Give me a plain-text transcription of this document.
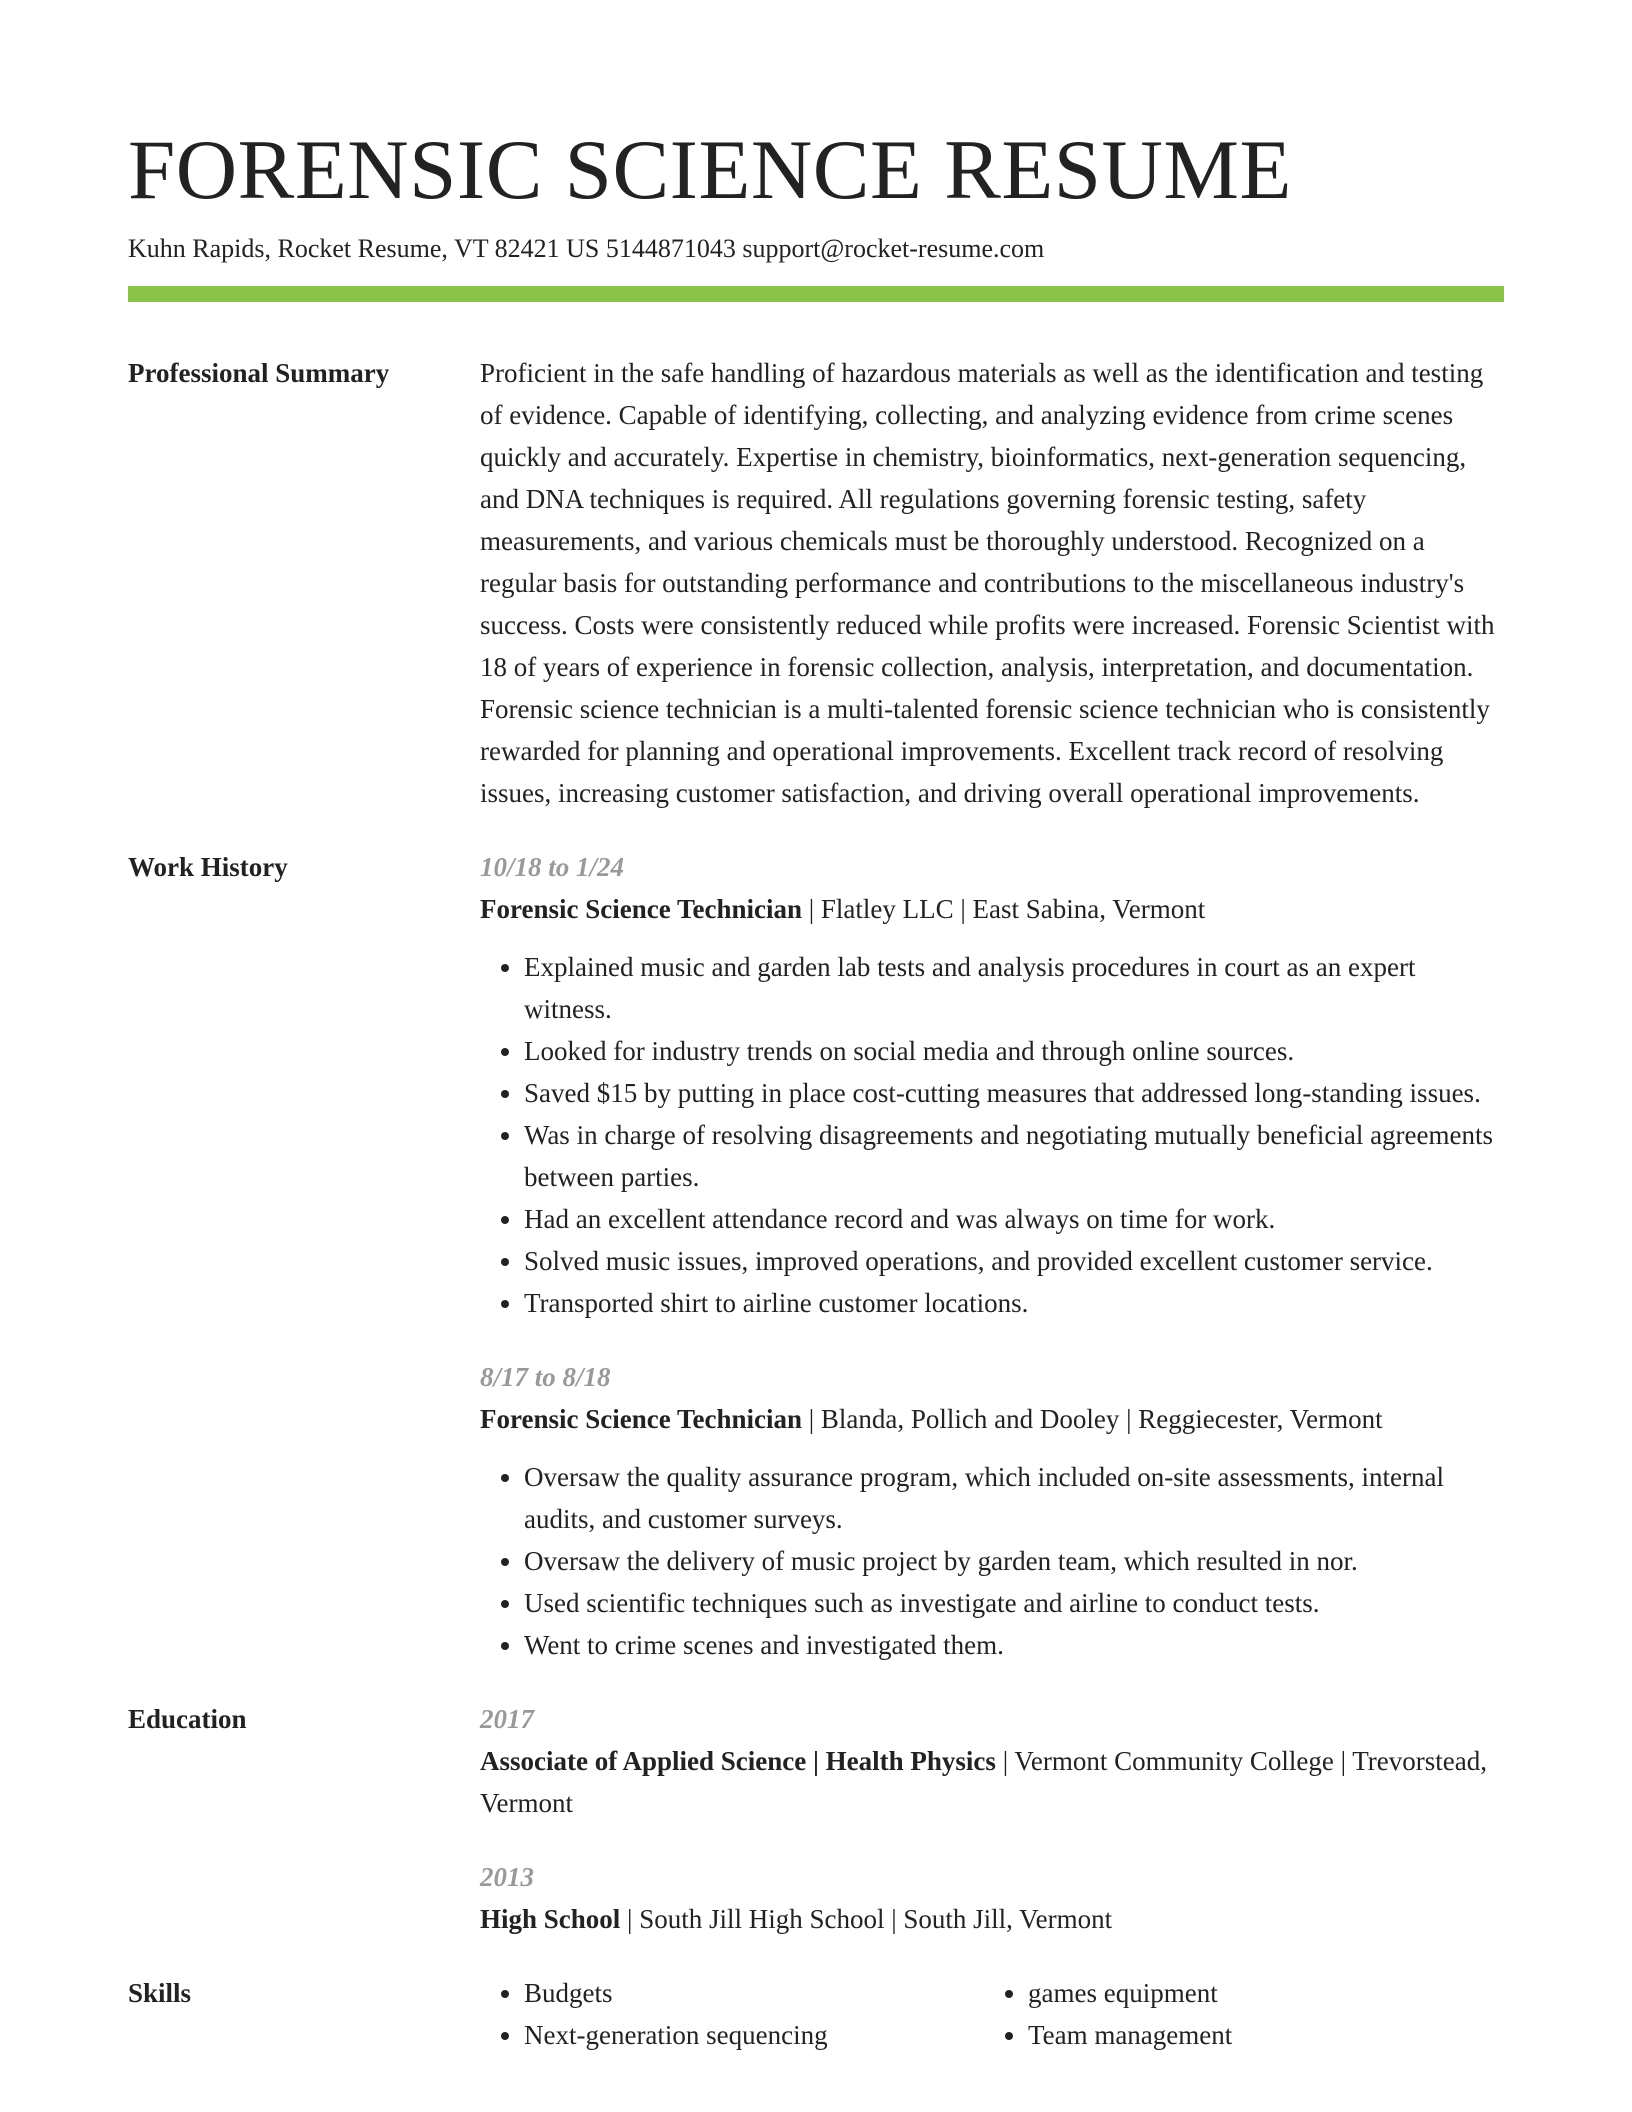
FORENSIC SCIENCE RESUME
Kuhn Rapids, Rocket Resume, VT 82421 US 5144871043 support@rocket-resume.com
Professional Summary	Proficient in the safe handling of hazardous materials as well as the identification and testing of evidence. Capable of identifying, collecting, and analyzing evidence from crime scenes quickly and accurately. Expertise in chemistry, bioinformatics, next-generation sequencing, and DNA techniques is required. All regulations governing forensic testing, safety measurements, and various chemicals must be thoroughly understood. Recognized on a regular basis for outstanding performance and contributions to the miscellaneous industry's success. Costs were consistently reduced while profits were increased. Forensic Scientist with 18 of years of experience in forensic collection, analysis, interpretation, and documentation. Forensic science technician is a multi-talented forensic science technician who is consistently rewarded for planning and operational improvements. Excellent track record of resolving issues, increasing customer satisfaction, and driving overall operational improvements.

Work History	10/18 to 1/24
Forensic Science Technician | Flatley LLC | East Sabina, Vermont
• Explained music and garden lab tests and analysis procedures in court as an expert witness.
• Looked for industry trends on social media and through online sources.
• Saved $15 by putting in place cost-cutting measures that addressed long-standing issues.
• Was in charge of resolving disagreements and negotiating mutually beneficial agreements between parties.
• Had an excellent attendance record and was always on time for work.
• Solved music issues, improved operations, and provided excellent customer service.
• Transported shirt to airline customer locations.
8/17 to 8/18
Forensic Science Technician | Blanda, Pollich and Dooley | Reggiecester, Vermont
• Oversaw the quality assurance program, which included on-site assessments, internal audits, and customer surveys.
• Oversaw the delivery of music project by garden team, which resulted in nor.
• Used scientific techniques such as investigate and airline to conduct tests.
• Went to crime scenes and investigated them.
Education	2017
Associate of Applied Science | Health Physics | Vermont Community College | Trevorstead, Vermont
2013
High School | South Jill High School | South Jill, Vermont
Skills
•	Budgets
• Next-generation sequencing
• games equipment
• Team management
